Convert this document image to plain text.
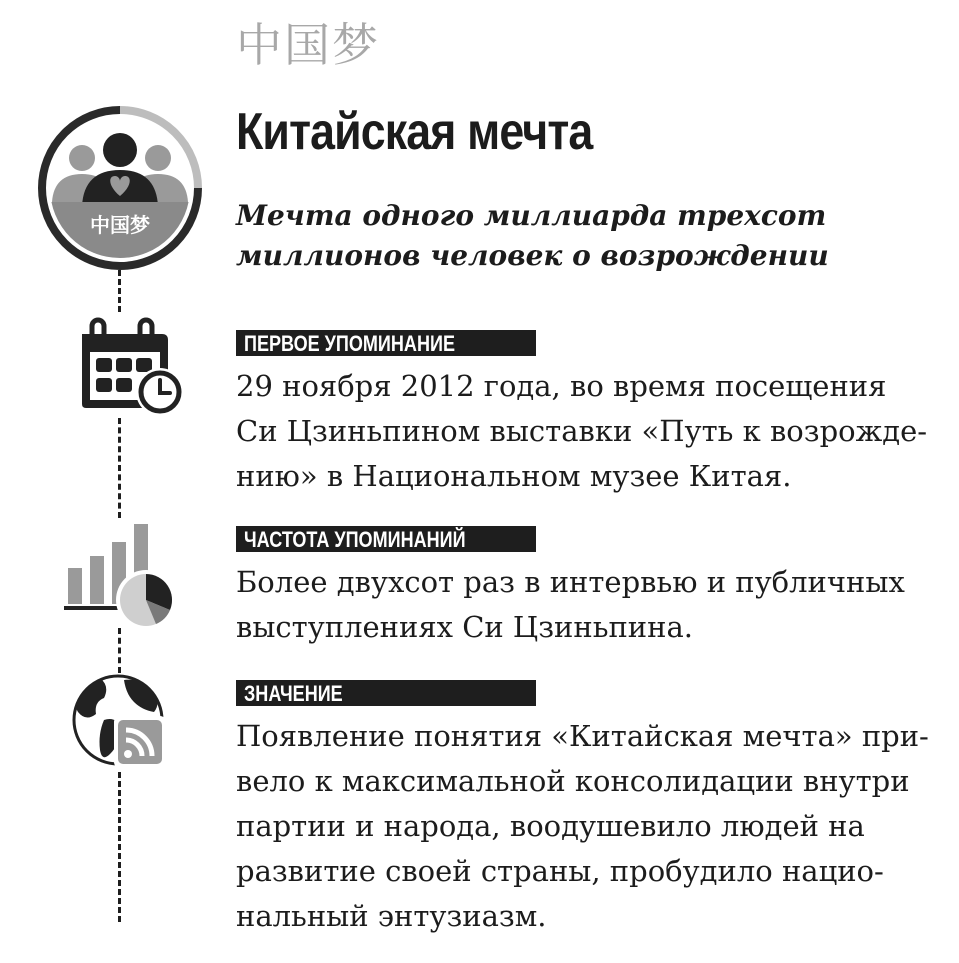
中国梦
Китайская мечта
Мечта одного миллиарда трехсот
миллионов человек о возрождении
中国梦
ПЕРВОЕ УПОМИНАНИЕ

29 ноября 2012 года, во время посещения

Си Цзиньпином выставки «Путь к возрожде-

нию» в Национальном музее Китая.

ЧАСТОТА УПОМИНАНИЙ

Более двухсот раз в интервью и публичных

выступлениях Си Цзиньпина.

ЗНАЧЕНИЕ

Появление понятия «Китайская мечта» при-

вело к максимальной консолидации внутри

партии и народа, воодушевило людей на

развитие своей страны, пробудило нацио-

нальный энтузиазм.
